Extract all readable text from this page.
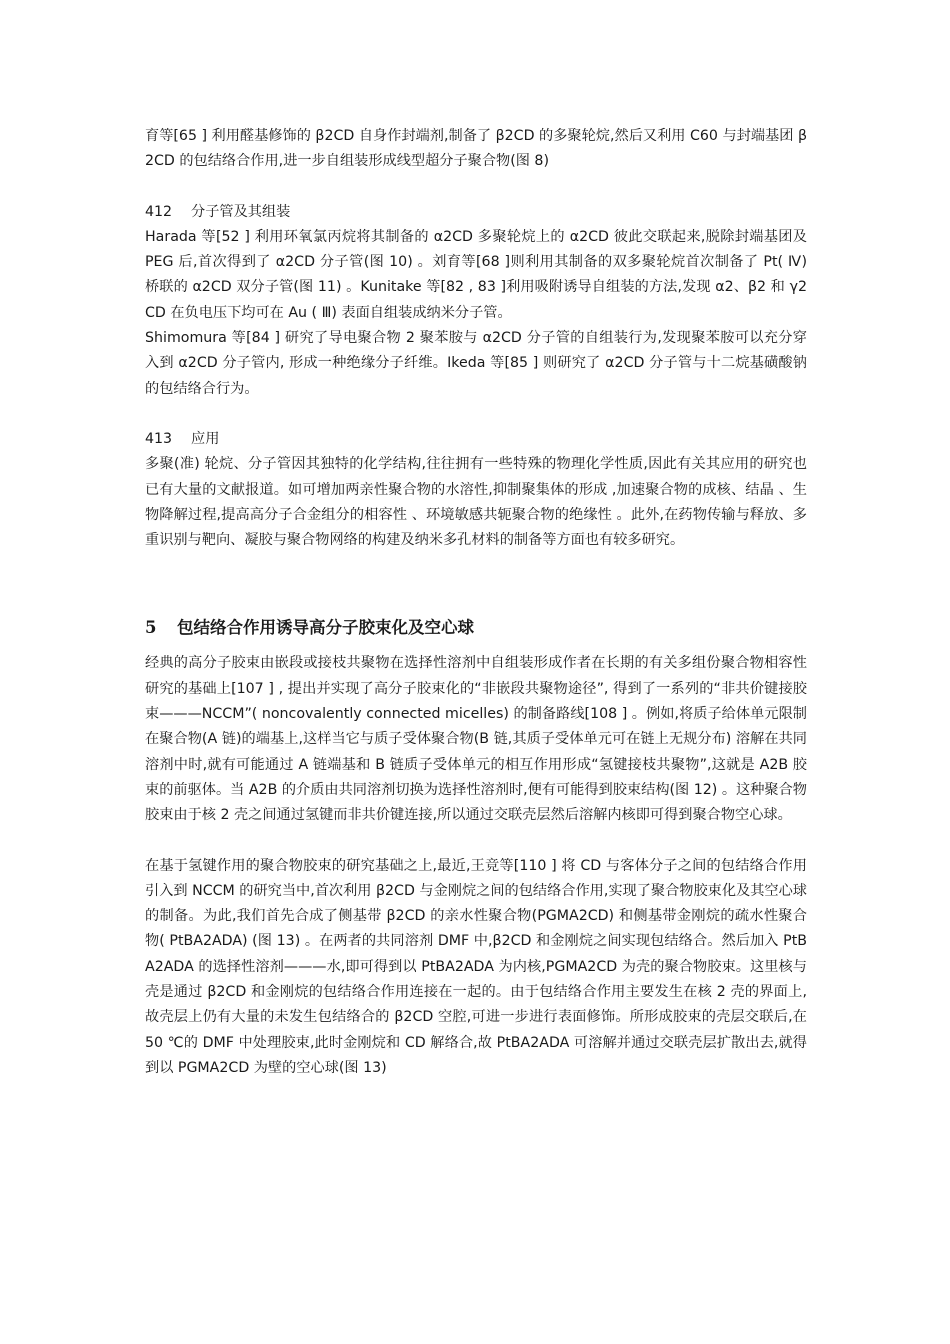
育等[65 ] 利用醛基修饰的 β2CD 自身作封端剂,制备了 β2CD 的多聚轮烷,然后又利用 C60 与封端基团 β2CD 的包结络合作用,进一步自组装形成线型超分子聚合物(图 8)

412 分子管及其组装

Harada 等[52 ] 利用环氧氯丙烷将其制备的 α2CD 多聚轮烷上的 α2CD 彼此交联起来,脱除封端基团及 PEG 后,首次得到了 α2CD 分子管(图 10) 。刘育等[68 ]则利用其制备的双多聚轮烷首次制备了 Pt( Ⅳ) 桥联的 α2CD 双分子管(图 11) 。Kunitake 等[82 , 83 ]利用吸附诱导自组装的方法,发现 α2、β2 和 γ2CD 在负电压下均可在 Au ( Ⅲ) 表面自组装成纳米分子管。

Shimomura 等[84 ] 研究了导电聚合物 2 聚苯胺与 α2CD 分子管的自组装行为,发现聚苯胺可以充分穿入到 α2CD 分子管内, 形成一种绝缘分子纤维。Ikeda 等[85 ] 则研究了 α2CD 分子管与十二烷基磺酸钠的包结络合行为。

413 应用

多聚(准) 轮烷、分子管因其独特的化学结构,往往拥有一些特殊的物理化学性质,因此有关其应用的研究也已有大量的文献报道。如可增加两亲性聚合物的水溶性,抑制聚集体的形成 ,加速聚合物的成核、结晶 、生物降解过程,提高高分子合金组分的相容性 、环境敏感共轭聚合物的绝缘性 。此外,在药物传输与释放、多重识别与靶向、凝胶与聚合物网络的构建及纳米多孔材料的制备等方面也有较多研究。

5 包结络合作用诱导高分子胶束化及空心球

经典的高分子胶束由嵌段或接枝共聚物在选择性溶剂中自组装形成作者在长期的有关多组份聚合物相容性研究的基础上[107 ] , 提出并实现了高分子胶束化的“非嵌段共聚物途径”, 得到了一系列的“非共价键接胶束———NCCM”( noncovalently connected micelles) 的制备路线[108 ] 。例如,将质子给体单元限制在聚合物(A 链)的端基上,这样当它与质子受体聚合物(B 链,其质子受体单元可在链上无规分布) 溶解在共同溶剂中时,就有可能通过 A 链端基和 B 链质子受体单元的相互作用形成“氢键接枝共聚物”,这就是 A2B 胶束的前驱体。当 A2B 的介质由共同溶剂切换为选择性溶剂时,便有可能得到胶束结构(图 12) 。这种聚合物胶束由于核 2 壳之间通过氢键而非共价键连接,所以通过交联壳层然后溶解内核即可得到聚合物空心球。

在基于氢键作用的聚合物胶束的研究基础之上,最近,王竞等[110 ] 将 CD 与客体分子之间的包结络合作用引入到 NCCM 的研究当中,首次利用 β2CD 与金刚烷之间的包结络合作用,实现了聚合物胶束化及其空心球的制备。为此,我们首先合成了侧基带 β2CD 的亲水性聚合物(PGMA2CD) 和侧基带金刚烷的疏水性聚合物( PtBA2ADA) (图 13) 。在两者的共同溶剂 DMF 中,β2CD 和金刚烷之间实现包结络合。然后加入 PtBA2ADA 的选择性溶剂———水,即可得到以 PtBA2ADA 为内核,PGMA2CD 为壳的聚合物胶束。这里核与壳是通过 β2CD 和金刚烷的包结络合作用连接在一起的。由于包结络合作用主要发生在核 2 壳的界面上,故壳层上仍有大量的未发生包结络合的 β2CD 空腔,可进一步进行表面修饰。所形成胶束的壳层交联后,在 50 ℃的 DMF 中处理胶束,此时金刚烷和 CD 解络合,故 PtBA2ADA 可溶解并通过交联壳层扩散出去,就得到以 PGMA2CD 为壁的空心球(图 13)
